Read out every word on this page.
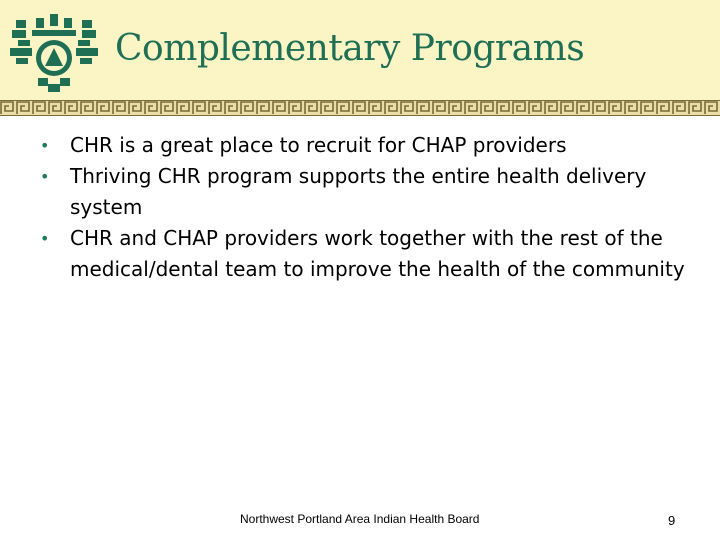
Complementary Programs
• CHR is a great place to recruit for CHAP providers
• Thriving CHR program supports the entire health delivery system
• CHR and CHAP providers work together with the rest of the medical/dental team to improve the health of the community
Northwest Portland Area Indian Health Board	9
